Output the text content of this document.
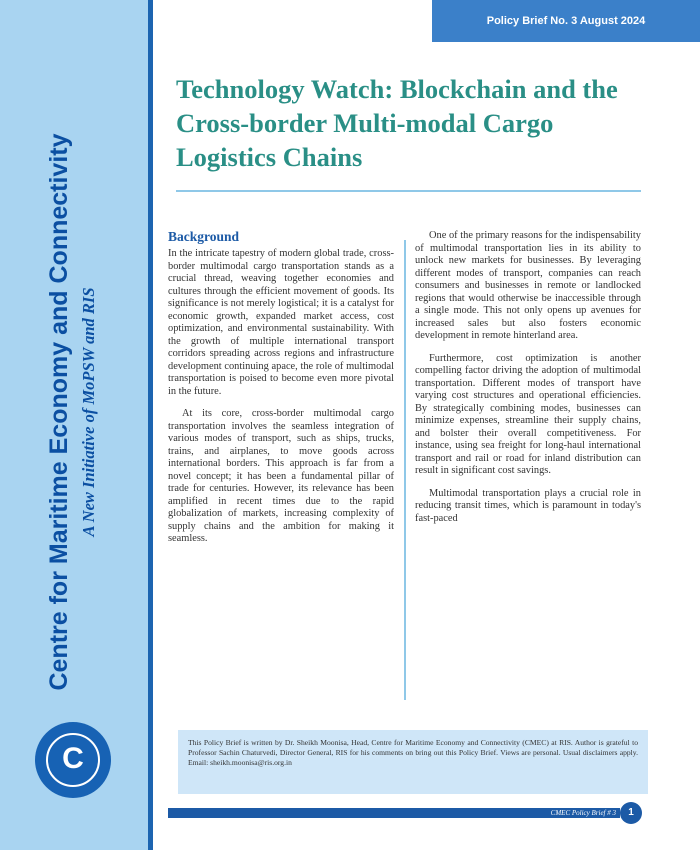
Centre for Maritime Economy and Connectivity A New Initiative of MoPSW and RIS
C
Policy Brief No. 3 August 2024
Technology Watch: Blockchain and the Cross-border Multi-modal Cargo Logistics Chains
Background

In the intricate tapestry of modern global trade, cross-border multimodal cargo transportation stands as a crucial thread, weaving together economies and cultures through the efficient movement of goods. Its significance is not merely logistical; it is a catalyst for economic growth, expanded market access, cost optimization, and environmental sustainability. With the growth of multiple international transport corridors spreading across regions and infrastructure development continuing apace, the role of multimodal transportation is poised to become even more pivotal in the future.

At its core, cross-border multimodal cargo transportation involves the seamless integration of various modes of transport, such as ships, trucks, trains, and airplanes, to move goods across international borders. This approach is far from a novel concept; it has been a fundamental pillar of trade for centuries. However, its relevance has been amplified in recent times due to the rapid globalization of markets, increasing complexity of supply chains and the ambition for making it seamless.

One of the primary reasons for the indispensability of multimodal transportation lies in its ability to unlock new markets for businesses. By leveraging different modes of transport, companies can reach consumers and businesses in remote or landlocked regions that would otherwise be inaccessible through a single mode. This not only opens up avenues for increased sales but also fosters economic development in remote hinterland area.

Furthermore, cost optimization is another compelling factor driving the adoption of multimodal transportation. Different modes of transport have varying cost structures and operational efficiencies. By strategically combining modes, businesses can minimize expenses, streamline their supply chains, and bolster their overall competitiveness. For instance, using sea freight for long-haul international transport and rail or road for inland distribution can result in significant cost savings.

Multimodal transportation plays a crucial role in reducing transit times, which is paramount in today's fast-paced

This Policy Brief is written by Dr. Sheikh Moonisa, Head, Centre for Maritime Economy and Connectivity (CMEC) at RIS. Author is grateful to Professor Sachin Chaturvedi, Director General, RIS for his comments on bring out this Policy Brief. Views are personal. Usual disclaimers apply. Email: sheikh.moonisa@ris.org.in
CMEC Policy Brief # 3	1
